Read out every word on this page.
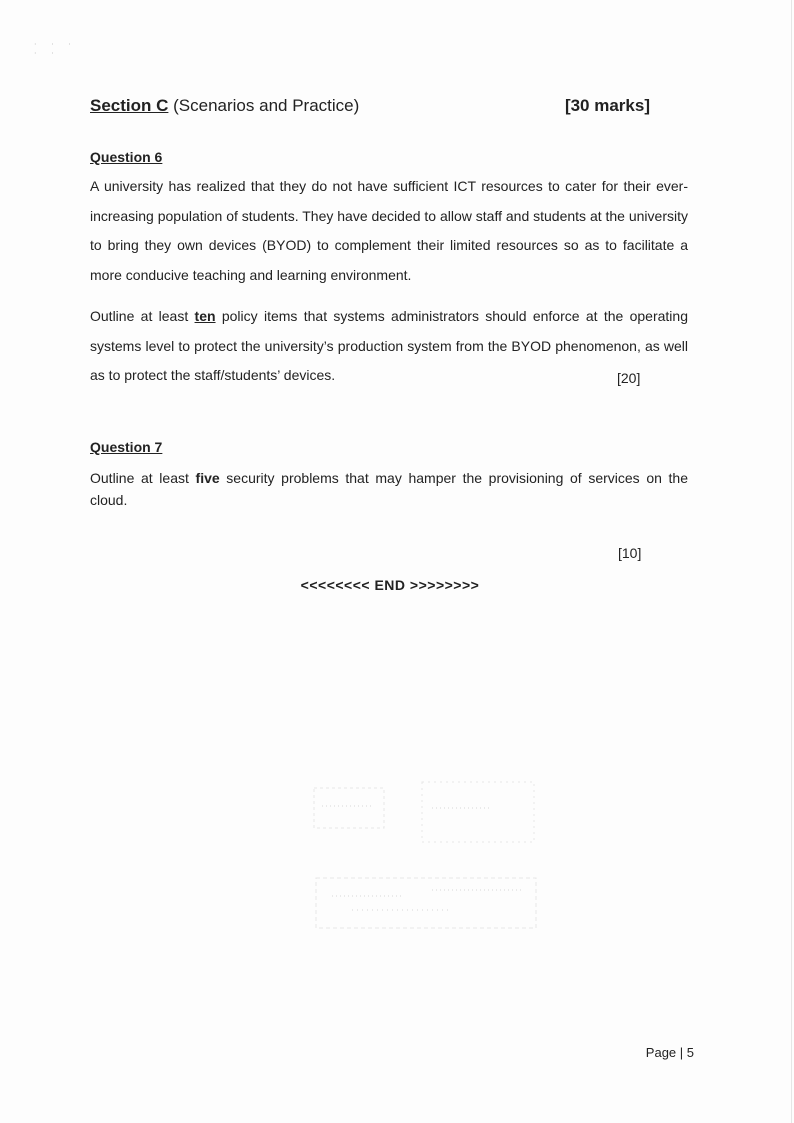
· · ·
· ·
Section C (Scenarios and Practice)	[30 marks]
Question 6
A university has realized that they do not have sufficient ICT resources to cater for their ever-increasing population of students. They have decided to allow staff and students at the university to bring they own devices (BYOD) to complement their limited resources so as to facilitate a more conducive teaching and learning environment.
Outline at least ten policy items that systems administrators should enforce at the operating systems level to protect the university’s production system from the BYOD phenomenon, as well as to protect the staff/students’ devices.	[20]
Question 7
Outline at least five security problems that may hamper the provisioning of services on the cloud.
[10]
<<<<<<<< END >>>>>>>>
Page | 5
